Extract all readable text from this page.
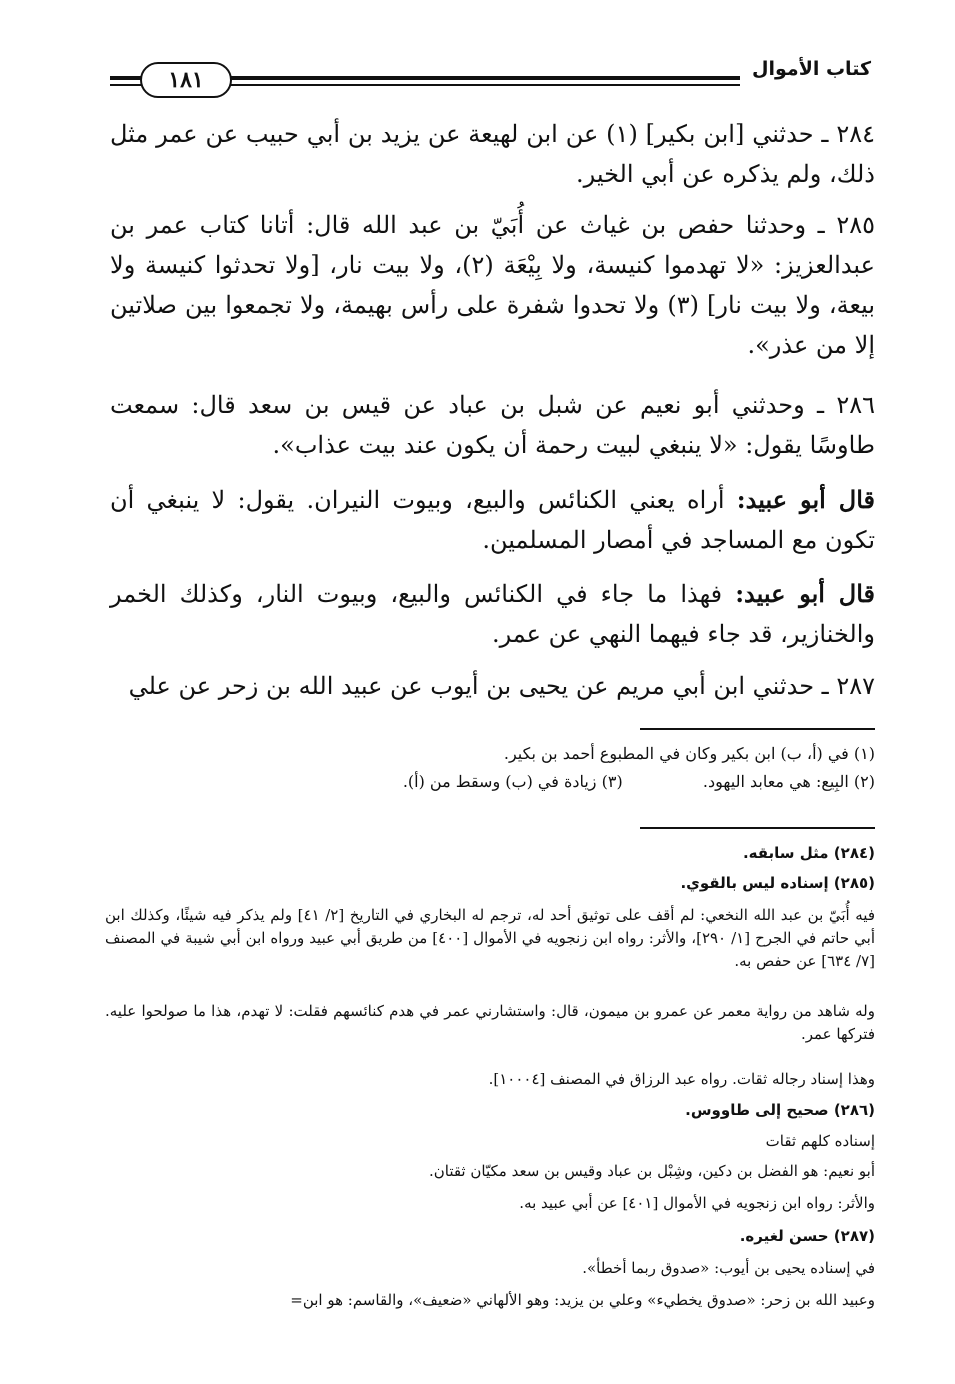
كتاب الأموال
١٨١

٢٨٤ ـ حدثني [ابن بكير] (١) عن ابن لهيعة عن يزيد بن أبي حبيب عن عمر مثل ذلك، ولم يذكره عن أبي الخير.

٢٨٥ ـ وحدثنا حفص بن غياث عن أُبَيّ بن عبد الله قال: أتانا كتاب عمر بن عبدالعزيز: «لا تهدموا كنيسة، ولا بِيْعَة (٢)، ولا بيت نار، [ولا تحدثوا كنيسة ولا بيعة، ولا بيت نار] (٣) ولا تحدوا شفرة على رأس بهيمة، ولا تجمعوا بين صلاتين إلا من عذر».

٢٨٦ ـ وحدثني أبو نعيم عن شبل بن عباد عن قيس بن سعد قال: سمعت طاوسًا يقول: «لا ينبغي لبيت رحمة أن يكون عند بيت عذاب».

قال أبو عبيد: أراه يعني الكنائس والبيع، وبيوت النيران. يقول: لا ينبغي أن تكون مع المساجد في أمصار المسلمين.

قال أبو عبيد: فهذا ما جاء في الكنائس والبيع، وبيوت النار، وكذلك الخمر والخنازير، قد جاء فيهما النهي عن عمر.

٢٨٧ ـ حدثني ابن أبي مريم عن يحيى بن أيوب عن عبيد الله بن زحر عن علي

(١) في (أ، ب) ابن بكير وكان في المطبوع أحمد بن بكير.
(٢) البِيع: هي معابد اليهود.  (٣) زيادة في (ب) وسقط من (أ).

(٢٨٤) مثل سابقه.

(٢٨٥) إسناده ليس بالقوي.

فيه أُبَيّ بن عبد الله النخعي: لم أقف على توثيق أحد له، ترجم له البخاري في التاريخ [٢/ ٤١] ولم يذكر فيه شيئًا، وكذلك ابن أبي حاتم في الجرح [١/ ٢٩٠]، والأثر: رواه ابن زنجويه في الأموال [٤٠٠] من طريق أبي عبيد ورواه ابن أبي شيبة في المصنف [٧/ ٦٣٤] عن حفص به.

وله شاهد من رواية معمر عن عمرو بن ميمون، قال: واستشارني عمر في هدم كنائسهم فقلت: لا تهدم، هذا ما صولحوا عليه. فتركها عمر.

وهذا إسناد رجاله ثقات. رواه عبد الرزاق في المصنف [١٠٠٠٤].

(٢٨٦) صحيح إلى طاووس.

إسناده كلهم ثقات

أبو نعيم: هو الفضل بن دكين، وشِبْل بن عباد وقيس بن سعد مكيّان ثقتان.

والأثر: رواه ابن زنجويه في الأموال [٤٠١] عن أبي عبيد به.

(٢٨٧) حسن لغيره.

في إسناده يحيى بن أيوب: «صدوق ربما أخطأ».

وعبيد الله بن زحر: «صدوق يخطيء» وعلي بن يزيد: وهو الألهاني «ضعيف»، والقاسم: هو ابن=
